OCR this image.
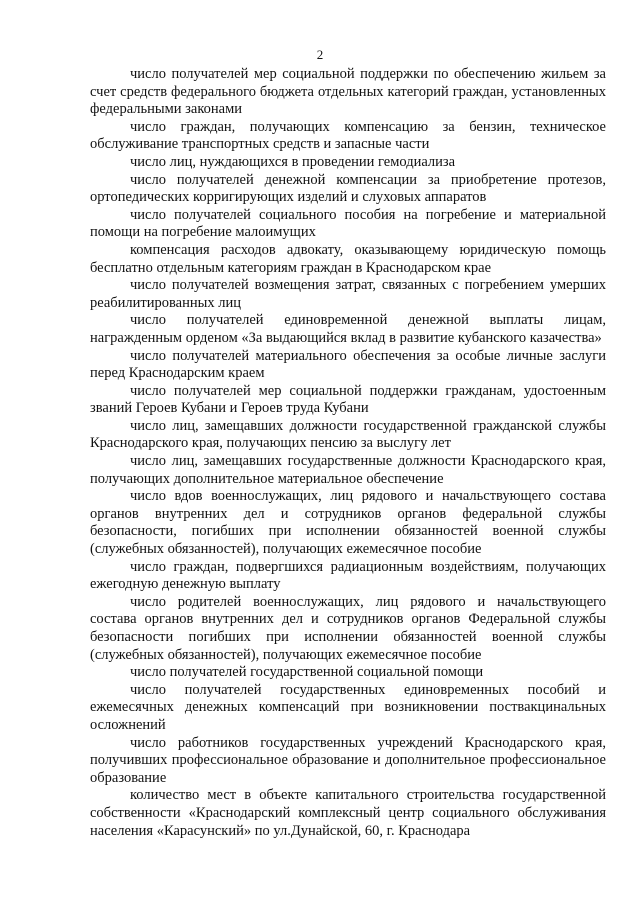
2

число получателей мер социальной поддержки по обеспечению жильем за счет средств федерального бюджета отдельных категорий граждан, установленных федеральными законами

число граждан, получающих компенсацию за бензин, техническое обслуживание транспортных средств и запасные части

число лиц, нуждающихся в проведении гемодиализа

число получателей денежной компенсации за приобретение протезов, ортопедических корригирующих изделий и слуховых аппаратов

число получателей социального пособия на погребение и материальной помощи на погребение малоимущих

компенсация расходов адвокату, оказывающему юридическую помощь бесплатно отдельным категориям граждан в Краснодарском крае

число получателей возмещения затрат, связанных с погребением умерших реабилитированных лиц

число получателей единовременной денежной выплаты лицам, награжденным орденом «За выдающийся вклад в развитие кубанского казачества»

число получателей материального обеспечения за особые личные заслуги перед Краснодарским краем

число получателей мер социальной поддержки гражданам, удостоенным званий Героев Кубани и Героев труда Кубани

число лиц, замещавших должности государственной гражданской службы Краснодарского края, получающих пенсию за выслугу лет

число лиц, замещавших государственные должности Краснодарского края, получающих дополнительное материальное обеспечение

число вдов военнослужащих, лиц рядового и начальствующего состава органов внутренних дел и сотрудников органов федеральной службы безопасности, погибших при исполнении обязанностей военной службы (служебных обязанностей), получающих ежемесячное пособие

число граждан, подвергшихся радиационным воздействиям, получающих ежегодную денежную выплату

число родителей военнослужащих, лиц рядового и начальствующего состава органов внутренних дел и сотрудников органов Федеральной службы безопасности погибших при исполнении обязанностей военной службы (служебных обязанностей), получающих ежемесячное пособие

число получателей государственной социальной помощи

число получателей государственных единовременных пособий и ежемесячных денежных компенсаций при возникновении поствакцинальных осложнений

число работников государственных учреждений Краснодарского края, получивших профессиональное образование и дополнительное профессиональное образование

количество мест в объекте капитального строительства государственной собственности «Краснодарский комплексный центр социального обслуживания населения «Карасунский» по ул.Дунайской, 60, г. Краснодара
